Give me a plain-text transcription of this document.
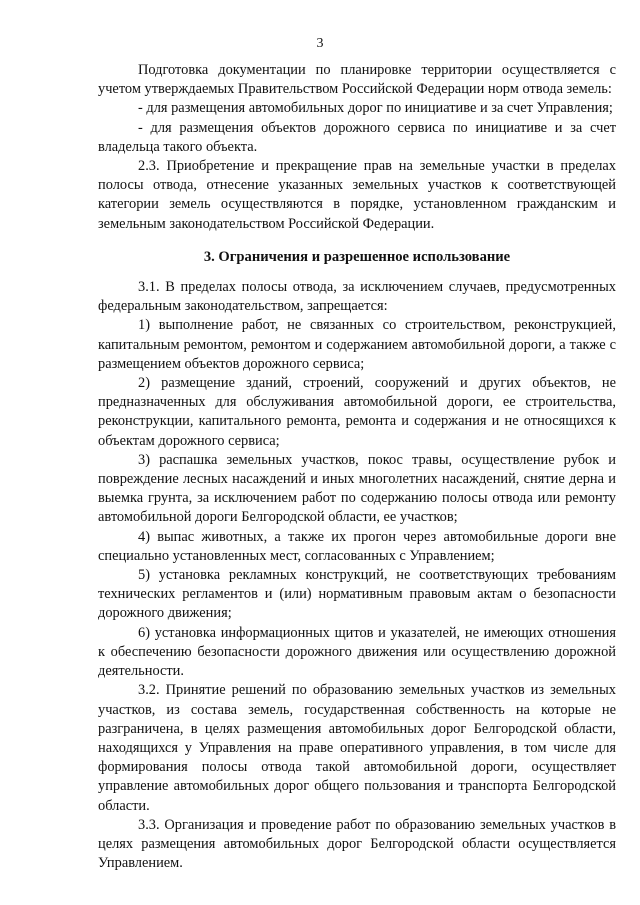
3

Подготовка документации по планировке территории осуществляется с учетом утверждаемых Правительством Российской Федерации норм отвода земель:

- для размещения автомобильных дорог по инициативе и за счет Управления;

- для размещения объектов дорожного сервиса по инициативе и за счет владельца такого объекта.

2.3. Приобретение и прекращение прав на земельные участки в пределах полосы отвода, отнесение указанных земельных участков к соответствующей категории земель осуществляются в порядке, установленном гражданским и земельным законодательством Российской Федерации.

3. Ограничения и разрешенное использование

3.1. В пределах полосы отвода, за исключением случаев, предусмотренных федеральным законодательством, запрещается:

1) выполнение работ, не связанных со строительством, реконструкцией, капитальным ремонтом, ремонтом и содержанием автомобильной дороги, а также с размещением объектов дорожного сервиса;

2) размещение зданий, строений, сооружений и других объектов, не предназначенных для обслуживания автомобильной дороги, ее строительства, реконструкции, капитального ремонта, ремонта и содержания и не относящихся к объектам дорожного сервиса;

3) распашка земельных участков, покос травы, осуществление рубок и повреждение лесных насаждений и иных многолетних насаждений, снятие дерна и выемка грунта, за исключением работ по содержанию полосы отвода или ремонту автомобильной дороги Белгородской области, ее участков;

4) выпас животных, а также их прогон через автомобильные дороги вне специально установленных мест, согласованных с Управлением;

5) установка рекламных конструкций, не соответствующих требованиям технических регламентов и (или) нормативным правовым актам о безопасности дорожного движения;

6) установка информационных щитов и указателей, не имеющих отношения к обеспечению безопасности дорожного движения или осуществлению дорожной деятельности.

3.2. Принятие решений по образованию земельных участков из земельных участков, из состава земель, государственная собственность на которые не разграничена, в целях размещения автомобильных дорог Белгородской области, находящихся у Управления на праве оперативного управления, в том числе для формирования полосы отвода такой автомобильной дороги, осуществляет управление автомобильных дорог общего пользования и транспорта Белгородской области.

3.3. Организация и проведение работ по образованию земельных участков в целях размещения автомобильных дорог Белгородской области осуществляется Управлением.
